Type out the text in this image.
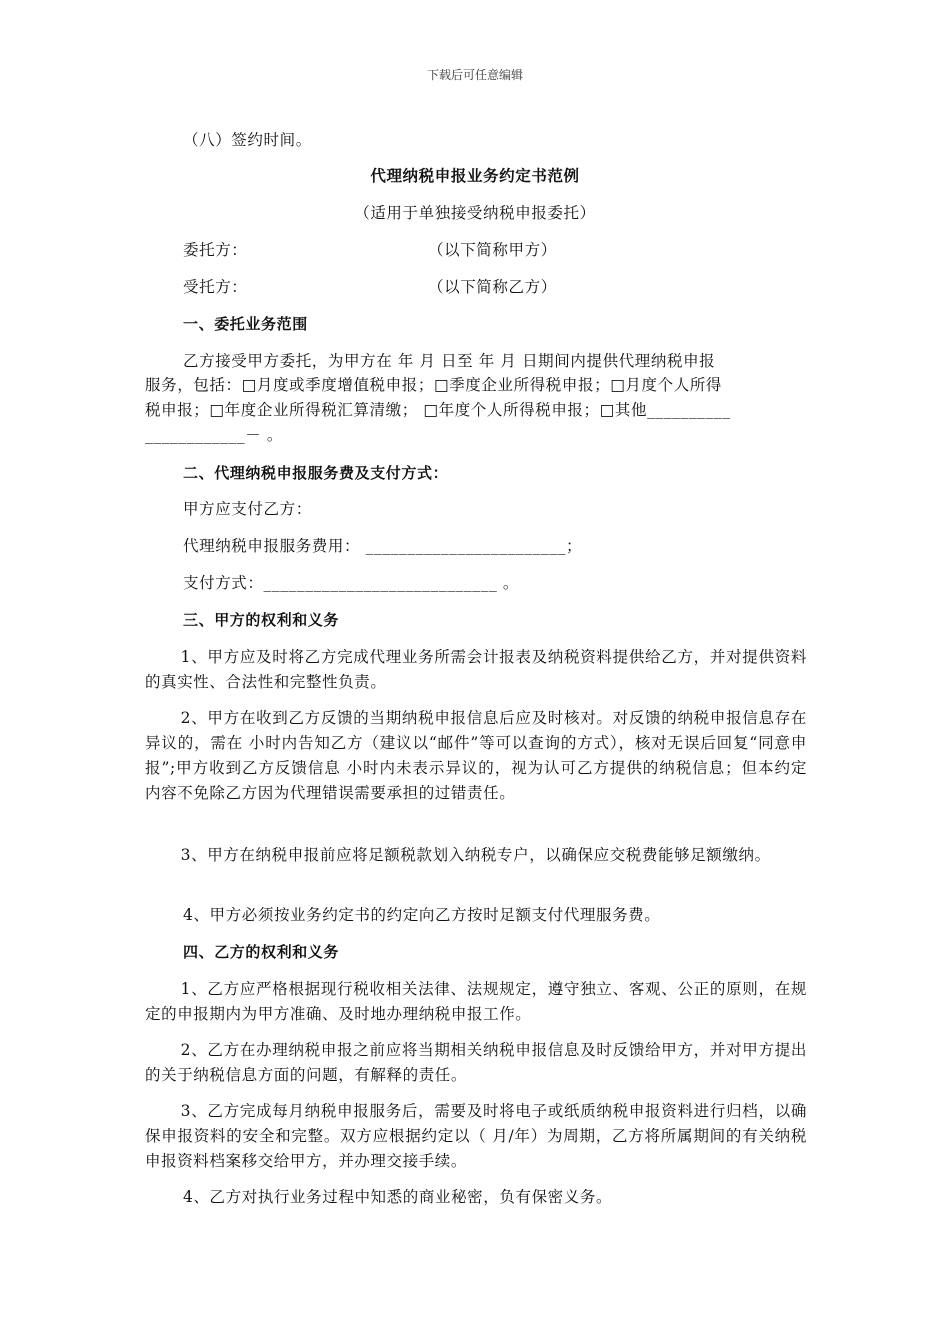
下载后可任意编辑
（八）签约时间。
代理纳税申报业务约定书范例
（适用于单独接受纳税申报委托）
委托方：	（以下简称甲方）
受托方：	（以下简称乙方）
一、委托业务范围
乙方接受甲方委托，为甲方在 年 月 日至 年 月 日期间内提供代理纳税申报
服务，包括：□月度或季度增值税申报；□季度企业所得税申报；□月度个人所得
税申报；□年度企业所得税汇算清缴； □年度个人所得税申报；□其他__________
____________－ 。
二、代理纳税申报服务费及支付方式：
甲方应支付乙方：
代理纳税申报服务费用： ________________________；
支付方式：____________________________ 。
三、甲方的权利和义务
1、甲方应及时将乙方完成代理业务所需会计报表及纳税资料提供给乙方，并对提供资料的真实性、合法性和完整性负责。
2、甲方在收到乙方反馈的当期纳税申报信息后应及时核对。对反馈的纳税申报信息存在异议的，需在 小时内告知乙方（建议以“邮件”等可以查询的方式），核对无误后回复“同意申报”;甲方收到乙方反馈信息 小时内未表示异议的，视为认可乙方提供的纳税信息；但本约定内容不免除乙方因为代理错误需要承担的过错责任。
3、甲方在纳税申报前应将足额税款划入纳税专户，以确保应交税费能够足额缴纳。
4、甲方必须按业务约定书的约定向乙方按时足额支付代理服务费。
四、乙方的权利和义务
1、乙方应严格根据现行税收相关法律、法规规定，遵守独立、客观、公正的原则，在规定的申报期内为甲方准确、及时地办理纳税申报工作。
2、乙方在办理纳税申报之前应将当期相关纳税申报信息及时反馈给甲方，并对甲方提出的关于纳税信息方面的问题，有解释的责任。
3、乙方完成每月纳税申报服务后，需要及时将电子或纸质纳税申报资料进行归档，以确保申报资料的安全和完整。双方应根据约定以（ 月/年）为周期，乙方将所属期间的有关纳税申报资料档案移交给甲方，并办理交接手续。
4、乙方对执行业务过程中知悉的商业秘密，负有保密义务。
